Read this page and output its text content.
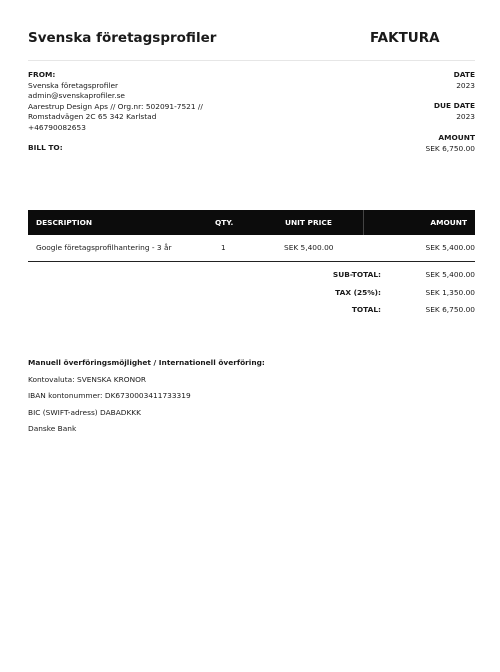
Svenska företagsprofiler	FAKTURA
FROM:
Svenska företagsprofiler
admin@svenskaprofiler.se
Aarestrup Design Aps // Org.nr: 502091-7521 //
Romstadvägen 2C 65 342 Karlstad
+46790082653
BILL TO:
DATE
2023
DUE DATE
2023
AMOUNT
SEK 6,750.00
DESCRIPTION	QTY.	UNIT PRICE	AMOUNT
Google företagsprofilhantering - 3 år	1	SEK 5,400.00	SEK 5,400.00
SUB-TOTAL:	SEK 5,400.00
TAX (25%):	SEK 1,350.00
TOTAL:	SEK 6,750.00
Manuell överföringsmöjlighet / Internationell överföring:
Kontovaluta: SVENSKA KRONOR
IBAN kontonummer: DK6730003411733319
BIC (SWIFT-adress) DABADKKK
Danske Bank
